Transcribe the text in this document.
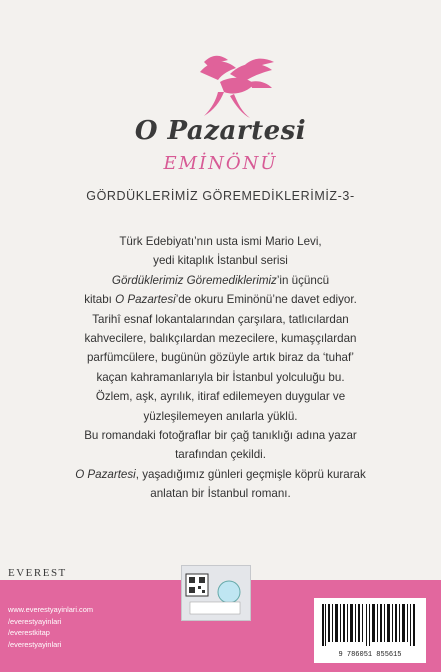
O Pazartesi
EMİNÖNÜ
GÖRDÜKLERİMİZ GÖREMEDİKLERİMİZ-3-

Türk Edebiyatı’nın usta ismi Mario Levi,

yedi kitaplık İstanbul serisi

Gördüklerimiz Göremediklerimiz’in üçüncü

kitabı O Pazartesi’de okuru Eminönü’ne davet ediyor.

Tarihî esnaf lokantalarından çarşılara, tatlıcılardan

kahvecilere, balıkçılardan mezecilere, kumaşçılardan

parfümcülere, bugünün gözüyle artık biraz da ‘tuhaf’

kaçan kahramanlarıyla bir İstanbul yolculuğu bu.

Özlem, aşk, ayrılık, itiraf edilemeyen duygular ve

yüzleşilemeyen anılarla yüklü.

Bu romandaki fotoğraflar bir çağ tanıklığı adına yazar

tarafından çekildi.

O Pazartesi, yaşadığımız günleri geçmişle köprü kurarak

anlatan bir İstanbul romanı.

EVEREST
www.everestyayinlari.com
/everestyayinlari
/everestkitap
/everestyayinlari
9 786051 855615
